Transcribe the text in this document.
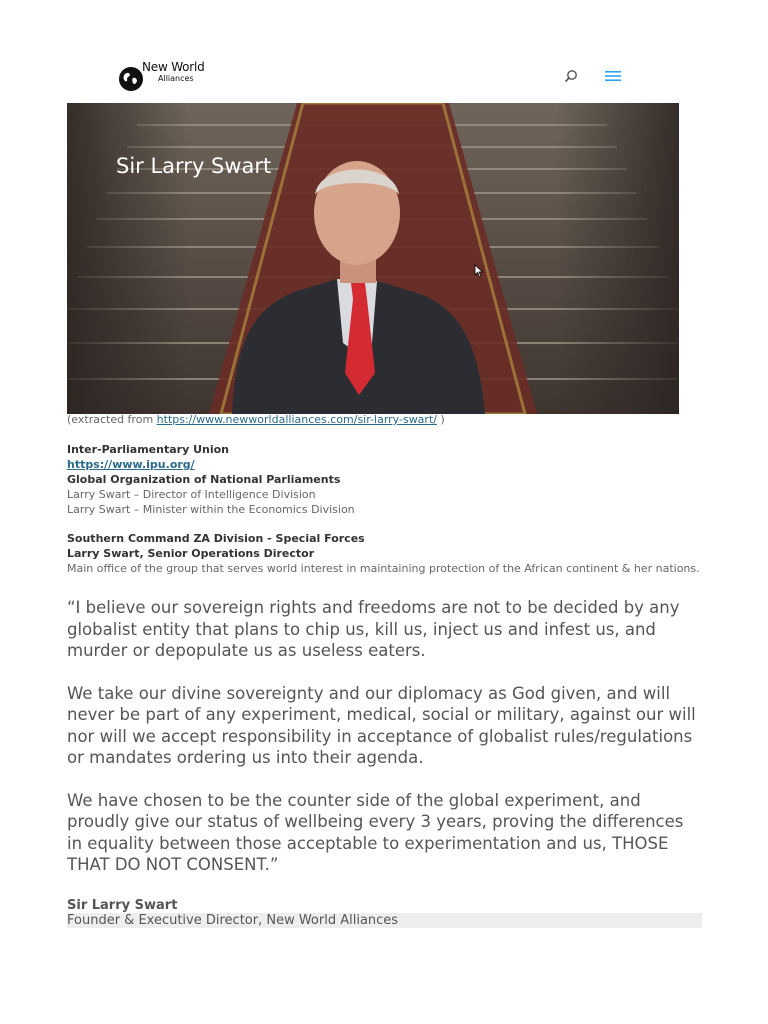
New World
Alliances
Sir Larry Swart
(extracted from https://www.newworldalliances.com/sir-larry-swart/ )
Inter-Parliamentary Union
https://www.ipu.org/
Global Organization of National Parliaments
Larry Swart – Director of Intelligence Division
Larry Swart – Minister within the Economics Division
Southern Command ZA Division - Special Forces
Larry Swart, Senior Operations Director
Main office of the group that serves world interest in maintaining protection of the African continent & her nations.

“I believe our sovereign rights and freedoms are not to be decided by any globalist entity that plans to chip us, kill us, inject us and infest us, and murder or depopulate us as useless eaters.

We take our divine sovereignty and our diplomacy as God given, and will never be part of any experiment, medical, social or military, against our will nor will we accept responsibility in acceptance of globalist rules/regulations or mandates ordering us into their agenda.

We have chosen to be the counter side of the global experiment, and proudly give our status of wellbeing every 3 years, proving the differences in equality between those acceptable to experimentation and us, THOSE THAT DO NOT CONSENT.”

Sir Larry Swart
Founder & Executive Director, New World Alliances
